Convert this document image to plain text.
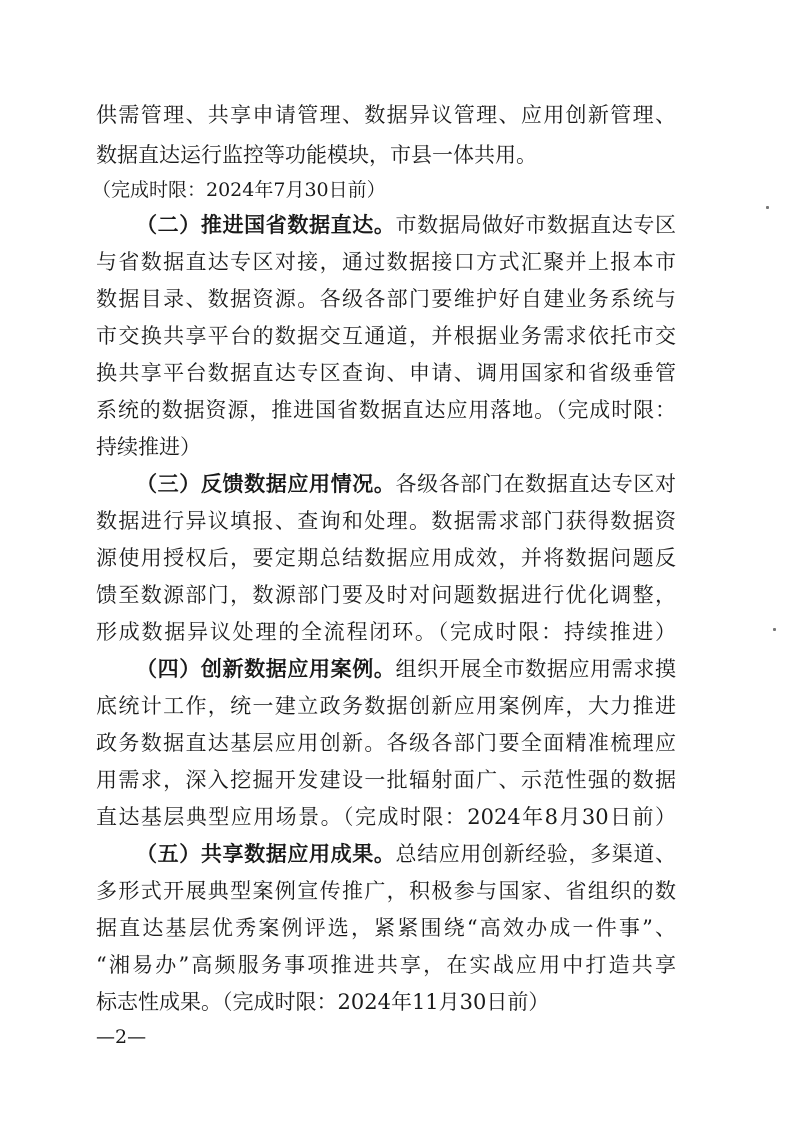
供需管理、共享申请管理、数据异议管理、应用创新管理、
数据直达运行监控等功能模块，市县一体共用。
（完成时限：2024年7月30日前）
（二）推进国省数据直达。市数据局做好市数据直达专区
与省数据直达专区对接，通过数据接口方式汇聚并上报本市
数据目录、数据资源。各级各部门要维护好自建业务系统与
市交换共享平台的数据交互通道，并根据业务需求依托市交
换共享平台数据直达专区查询、申请、调用国家和省级垂管
系统的数据资源，推进国省数据直达应用落地。（完成时限：
持续推进）
（三）反馈数据应用情况。各级各部门在数据直达专区对
数据进行异议填报、查询和处理。数据需求部门获得数据资
源使用授权后，要定期总结数据应用成效，并将数据问题反
馈至数源部门，数源部门要及时对问题数据进行优化调整，
形成数据异议处理的全流程闭环。（完成时限：持续推进）
（四）创新数据应用案例。组织开展全市数据应用需求摸
底统计工作，统一建立政务数据创新应用案例库，大力推进
政务数据直达基层应用创新。各级各部门要全面精准梳理应
用需求，深入挖掘开发建设一批辐射面广、示范性强的数据
直达基层典型应用场景。（完成时限：2024年8月30日前）
（五）共享数据应用成果。总结应用创新经验，多渠道、
多形式开展典型案例宣传推广，积极参与国家、省组织的数
据直达基层优秀案例评选，紧紧围绕“高效办成一件事”、
“湘易办”高频服务事项推进共享，在实战应用中打造共享
标志性成果。（完成时限：2024年11月30日前）
—2—
